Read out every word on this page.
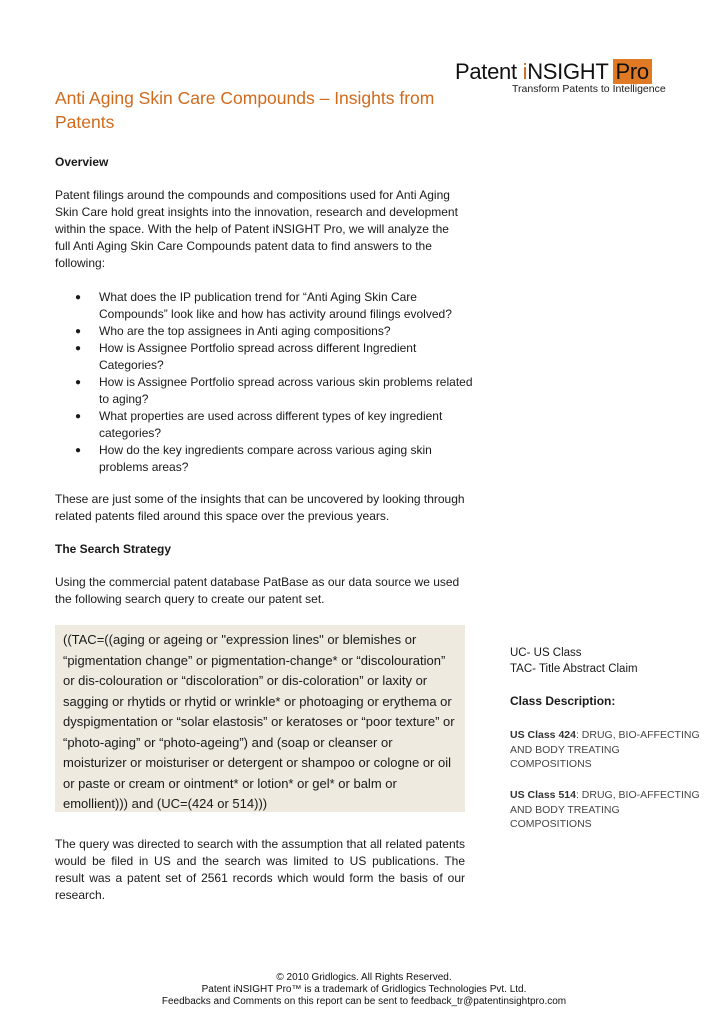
Patent iNSIGHT Pro
Transform Patents to Intelligence
Anti Aging Skin Care Compounds – Insights from Patents
Overview

Patent filings around the compounds and compositions used for Anti Aging Skin Care hold great insights into the innovation, research and development within the space. With the help of Patent iNSIGHT Pro, we will analyze the full Anti Aging Skin Care Compounds patent data to find answers to the following:

● What does the IP publication trend for “Anti Aging Skin Care Compounds” look like and how has activity around filings evolved?
● Who are the top assignees in Anti aging compositions?
● How is Assignee Portfolio spread across different Ingredient Categories?
● How is Assignee Portfolio spread across various skin problems related to aging?
● What properties are used across different types of key ingredient categories?
● How do the key ingredients compare across various aging skin problems areas?

These are just some of the insights that can be uncovered by looking through related patents filed around this space over the previous years.

The Search Strategy

Using the commercial patent database PatBase as our data source we used the following search query to create our patent set.

((TAC=((aging or ageing or "expression lines" or blemishes or “pigmentation change” or pigmentation-change* or “discolouration” or dis-colouration or “discoloration” or dis-coloration” or laxity or sagging or rhytids or rhytid or wrinkle* or photoaging or erythema or dyspigmentation or “solar elastosis” or keratoses or “poor texture” or “photo-aging” or “photo-ageing”) and (soap or cleanser or moisturizer or moisturiser or detergent or shampoo or cologne or oil or paste or cream or ointment* or lotion* or gel* or balm or emollient))) and (UC=(424 or 514)))

UC- US Class
TAC- Title Abstract Claim
Class Description:

US Class 424: DRUG, BIO-AFFECTING AND BODY TREATING COMPOSITIONS

US Class 514: DRUG, BIO-AFFECTING AND BODY TREATING COMPOSITIONS

The query was directed to search with the assumption that all related patents would be filed in US and the search was limited to US publications. The result was a patent set of 2561 records which would form the basis of our research.

© 2010 Gridlogics. All Rights Reserved.
Patent iNSIGHT Pro™ is a trademark of Gridlogics Technologies Pvt. Ltd.
Feedbacks and Comments on this report can be sent to feedback_tr@patentinsightpro.com
